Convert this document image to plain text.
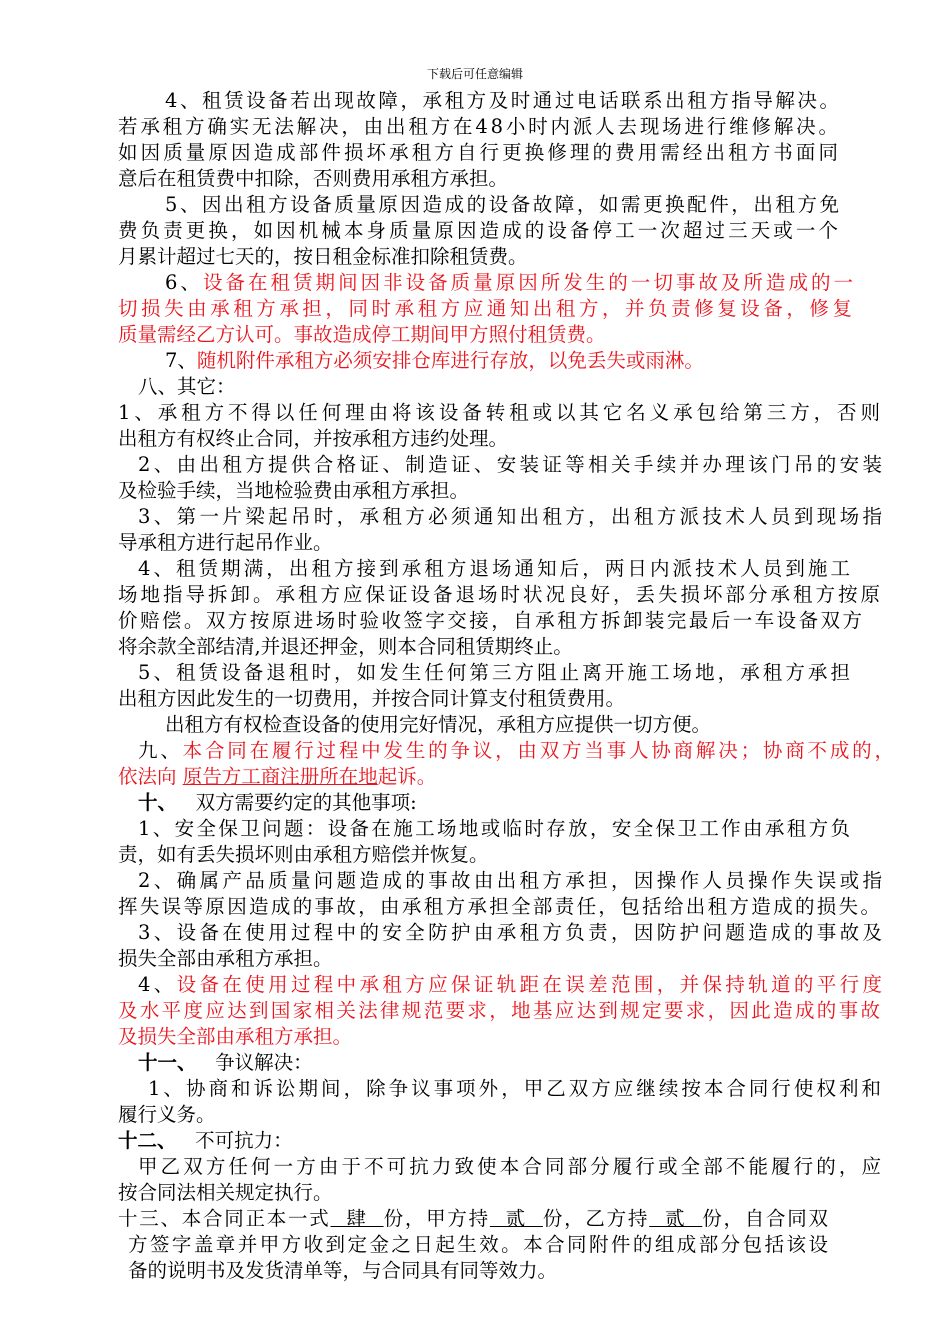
下载后可任意编辑
4、租赁设备若出现故障，承租方及时通过电话联系出租方指导解决。
若承租方确实无法解决，由出租方在48小时内派人去现场进行维修解决。
如因质量原因造成部件损坏承租方自行更换修理的费用需经出租方书面同
意后在租赁费中扣除，否则费用承租方承担。
5、因出租方设备质量原因造成的设备故障，如需更换配件，出租方免
费负责更换，如因机械本身质量原因造成的设备停工一次超过三天或一个
月累计超过七天的，按日租金标准扣除租赁费。
6、设备在租赁期间因非设备质量原因所发生的一切事故及所造成的一
切损失由承租方承担，同时承租方应通知出租方，并负责修复设备，修复
质量需经乙方认可。事故造成停工期间甲方照付租赁费。
7、随机附件承租方必须安排仓库进行存放，以免丢失或雨淋。
八、其它：
1、承租方不得以任何理由将该设备转租或以其它名义承包给第三方，否则
出租方有权终止合同，并按承租方违约处理。
2、由出租方提供合格证、制造证、安装证等相关手续并办理该门吊的安装
及检验手续，当地检验费由承租方承担。
3、第一片梁起吊时，承租方必须通知出租方，出租方派技术人员到现场指
导承租方进行起吊作业。
4、租赁期满，出租方接到承租方退场通知后，两日内派技术人员到施工
场地指导拆卸。承租方应保证设备退场时状况良好，丢失损坏部分承租方按原
价赔偿。双方按原进场时验收签字交接，自承租方拆卸装完最后一车设备双方
将余款全部结清,并退还押金，则本合同租赁期终止。
5、租赁设备退租时，如发生任何第三方阻止离开施工场地，承租方承担
出租方因此发生的一切费用，并按合同计算支付租赁费用。
出租方有权检查设备的使用完好情况，承租方应提供一切方便。
九、本合同在履行过程中发生的争议，由双方当事人协商解决；协商不成的，
依法向 原告方工商注册所在地起诉。
十、   双方需要约定的其他事项:
1、安全保卫问题：设备在施工场地或临时存放，安全保卫工作由承租方负
责，如有丢失损坏则由承租方赔偿并恢复。
2、确属产品质量问题造成的事故由出租方承担，因操作人员操作失误或指
挥失误等原因造成的事故，由承租方承担全部责任，包括给出租方造成的损失。
3、设备在使用过程中的安全防护由承租方负责，因防护问题造成的事故及
损失全部由承租方承担。
4、设备在使用过程中承租方应保证轨距在误差范围，并保持轨道的平行度
及水平度应达到国家相关法律规范要求，地基应达到规定要求，因此造成的事故
及损失全部由承租方承担。
十一、   争议解决：
1、协商和诉讼期间，除争议事项外，甲乙双方应继续按本合同行使权利和
履行义务。
十二、   不可抗力：
甲乙双方任何一方由于不可抗力致使本合同部分履行或全部不能履行的，应
按合同法相关规定执行。
十三、本合同正本一式  肆  份，甲方持  贰  份，乙方持  贰  份，自合同双
方签字盖章并甲方收到定金之日起生效。本合同附件的组成部分包括该设
备的说明书及发货清单等，与合同具有同等效力。
